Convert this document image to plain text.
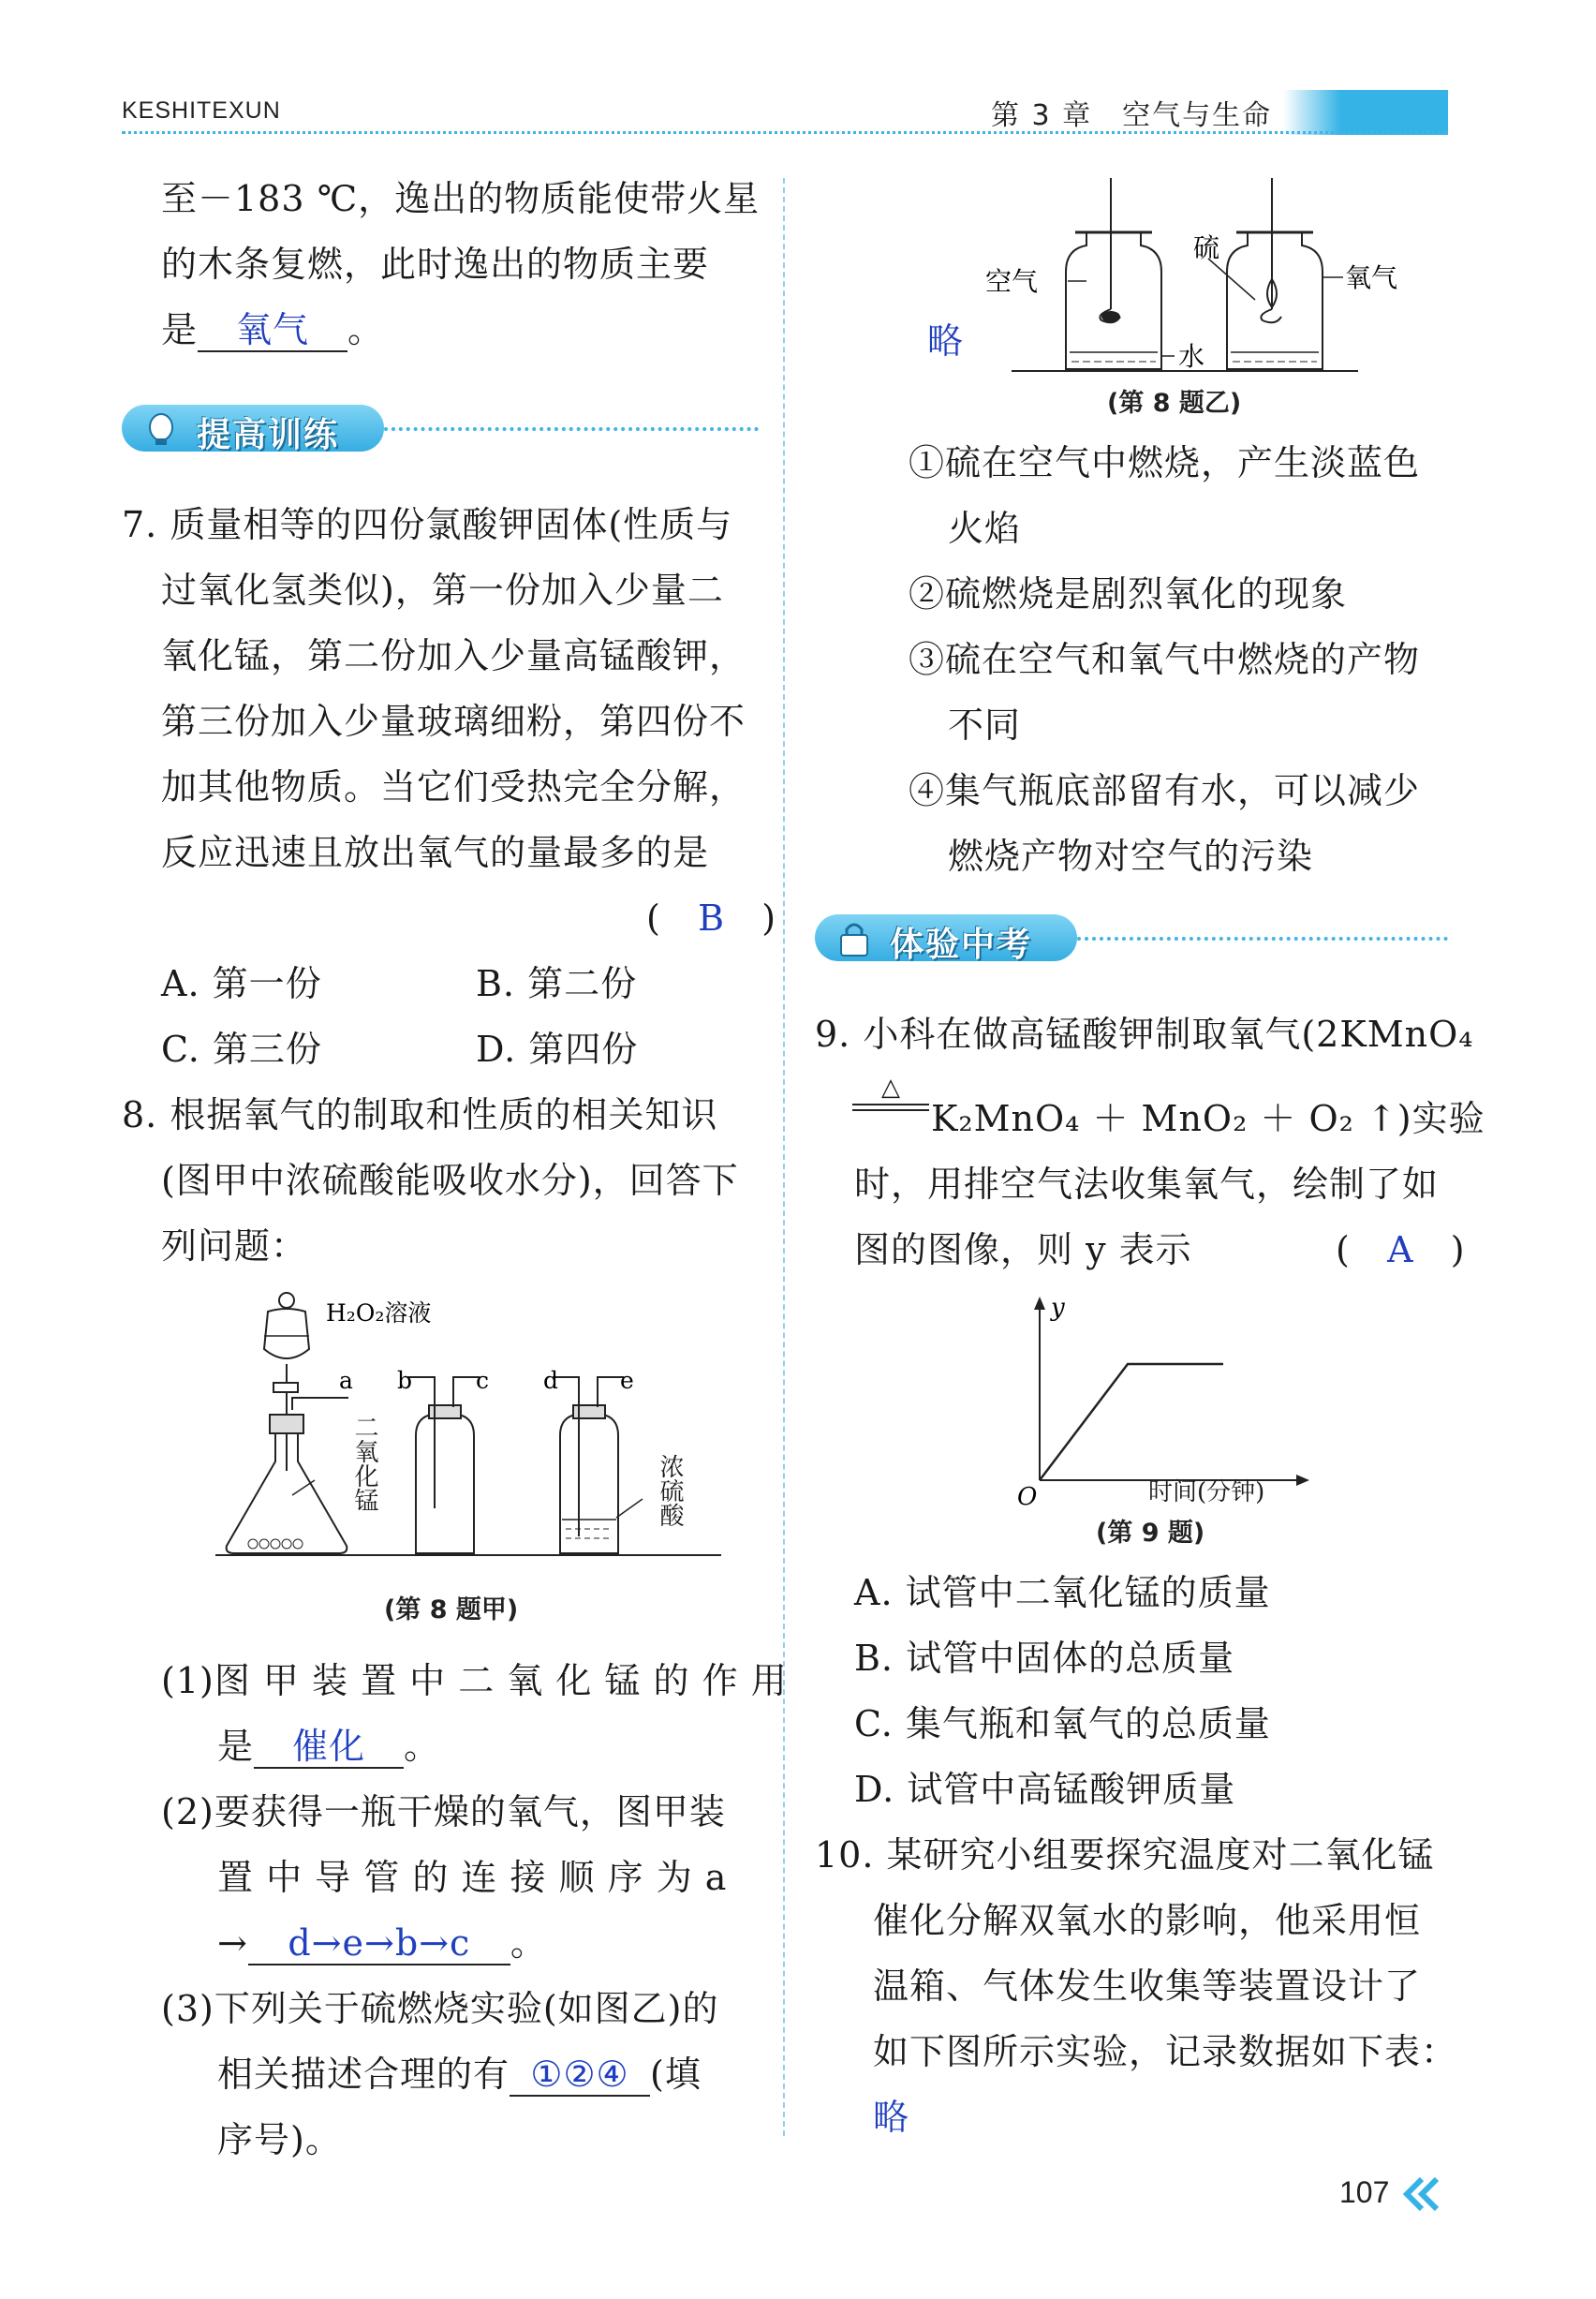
KESHITEXUN	第 3 章　空气与生命
至－183 ℃，逸出的物质能使带火星
的木条复燃，此时逸出的物质主要
是 氧气 。
提高训练
7. 质量相等的四份氯酸钾固体(性质与
过氧化氢类似)，第一份加入少量二
氧化锰，第二份加入少量高锰酸钾，
第三份加入少量玻璃细粉，第四份不
加其他物质。当它们受热完全分解，
反应迅速且放出氧气的量最多的是
( B )
A. 第一份	B. 第二份
C. 第三份	D. 第四份
8. 根据氧气的制取和性质的相关知识
(图甲中浓硫酸能吸收水分)，回答下
列问题：
H₂O₂溶液
a b	c d	e
二氧化锰	浓硫酸
(第 8 题甲)
(1)图 甲 装 置 中 二 氧 化 锰 的 作 用
是 催化 。
(2)要获得一瓶干燥的氧气，图甲装
置 中 导 管 的 连 接 顺 序 为 a
→ d→e→b→c 。
(3)下列关于硫燃烧实验(如图乙)的
相关描述合理的有 ①②④ (填
序号)。
空气
硫
氧气
水
略
(第 8 题乙)
①硫在空气中燃烧，产生淡蓝色
火焰
②硫燃烧是剧烈氧化的现象
③硫在空气和氧气中燃烧的产物
不同
④集气瓶底部留有水，可以减少
燃烧产物对空气的污染
体验中考
9. 小科在做高锰酸钾制取氧气(2KMnO₄
△
K₂MnO₄ ＋ MnO₂ ＋ O₂ ↑)实验
时，用排空气法收集氧气，绘制了如
图的图像，则 y 表示	( A )
y
O	时间(分钟)
(第 9 题)
A. 试管中二氧化锰的质量
B. 试管中固体的总质量
C. 集气瓶和氧气的总质量
D. 试管中高锰酸钾质量
10. 某研究小组要探究温度对二氧化锰
催化分解双氧水的影响，他采用恒
温箱、气体发生收集等装置设计了
如下图所示实验，记录数据如下表：
略
107
